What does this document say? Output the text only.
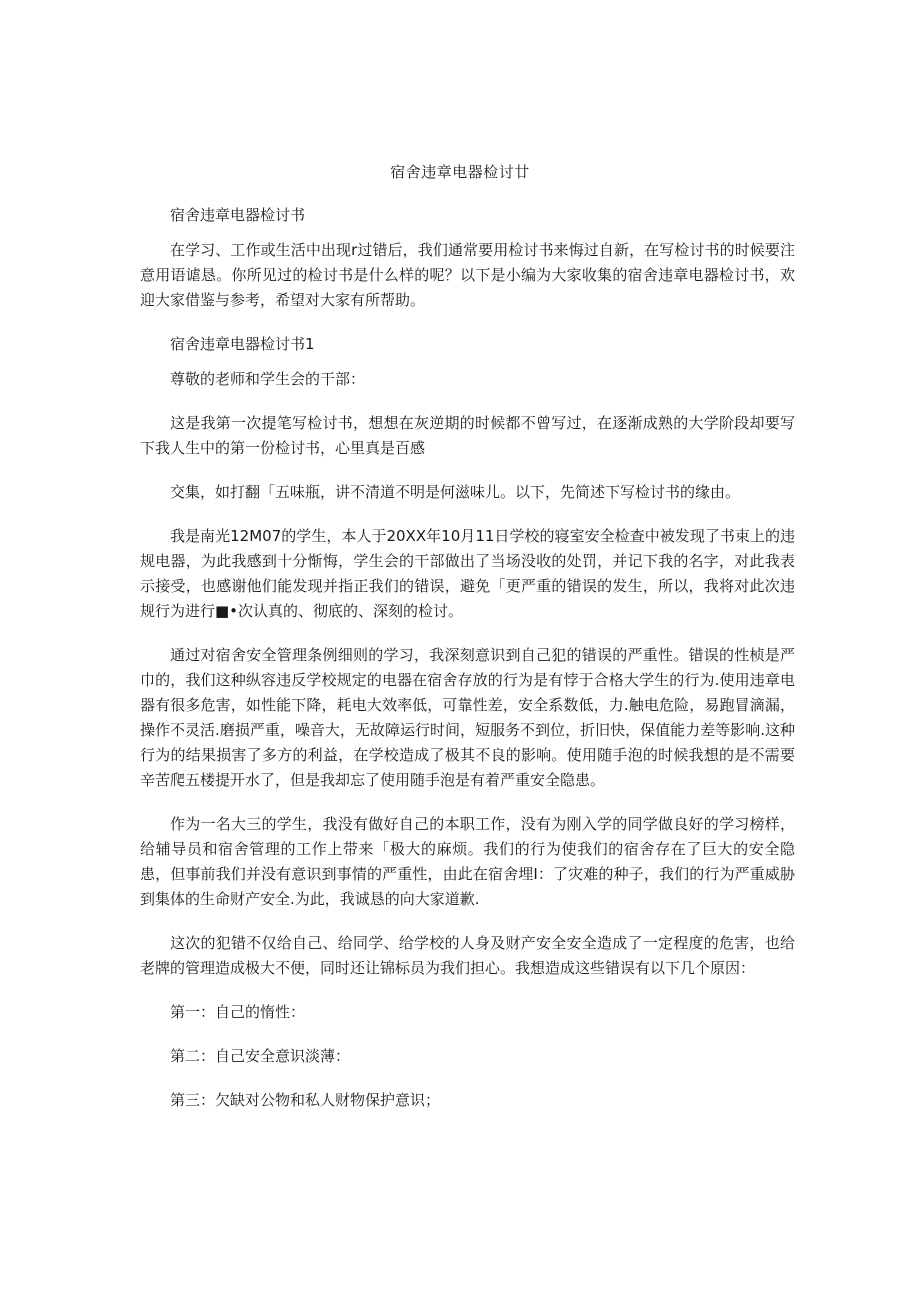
宿舍违章电器检讨廿

宿舍违章电器检讨书

在学习、工作或生活中出现r过错后，我们通常要用检讨书来悔过自新，在写检讨书的时候要注意用语谑恳。你所见过的检讨书是什么样的呢？以下是小编为大家收集的宿舍违章电器检讨书，欢迎大家借鉴与参考，希望对大家有所帮助。

宿舍违章电器检讨书1

尊敬的老师和学生会的干部：

这是我第一次提笔写检讨书，想想在灰逆期的时候都不曾写过，在逐渐成熟的大学阶段却要写下我人生中的第一份检讨书，心里真是百感

交集，如打翻「五味瓶，讲不清道不明是何滋味儿。以下，先简述下写检讨书的缘由。

我是南光12M07的学生，本人于20XX年10月11日学校的寝室安全检查中被发现了书束上的违规电器，为此我感到十分惭悔，学生会的干部做出了当场没收的处罚，并记下我的名字，对此我表示接受，也感谢他们能发现并指正我们的错误，避免「更严重的错误的发生，所以，我将对此次违规行为进行■•次认真的、彻底的、深刻的检讨。

通过对宿舍安全管理条例细则的学习，我深刻意识到自己犯的错误的严重性。错误的性桢是严巾的，我们这种纵容违反学校规定的电器在宿舍存放的行为是有悖于合格大学生的行为.使用违章电器有很多危害，如性能下降，耗电大效率低，可靠性差，安全系数低，力.触电危险，易跑冒滴漏，操作不灵活.磨损严重，噪音大，无故障运行时间，短服务不到位，折旧快，保值能力差等影响.这种行为的结果损害了多方的利益，在学校造成了极其不良的影响。使用随手泡的时候我想的是不需要辛苦爬五楼提开水了，但是我却忘了使用随手泡是有着严重安全隐患。

作为一名大三的学生，我没有做好自己的本职工作，没有为刚入学的同学做良好的学习榜样，给辅导员和宿舍管理的工作上带来「极大的麻烦。我们的行为使我们的宿舍存在了巨大的安全隐患，但事前我们并没有意识到事情的严重性，由此在宿舍埋I：了灾难的种子，我们的行为严重威胁到集体的生命财产安全.为此，我诚恳的向大家道歉.

这次的犯错不仅给自己、给同学、给学校的人身及财产安全安全造成了一定程度的危害，也给老牌的管理造成极大不便，同时还让锦标员为我们担心。我想造成这些错误有以下几个原因：

第一：自己的惰性：

第二：自己安全意识淡薄：

第三：欠缺对公物和私人财物保护意识；
